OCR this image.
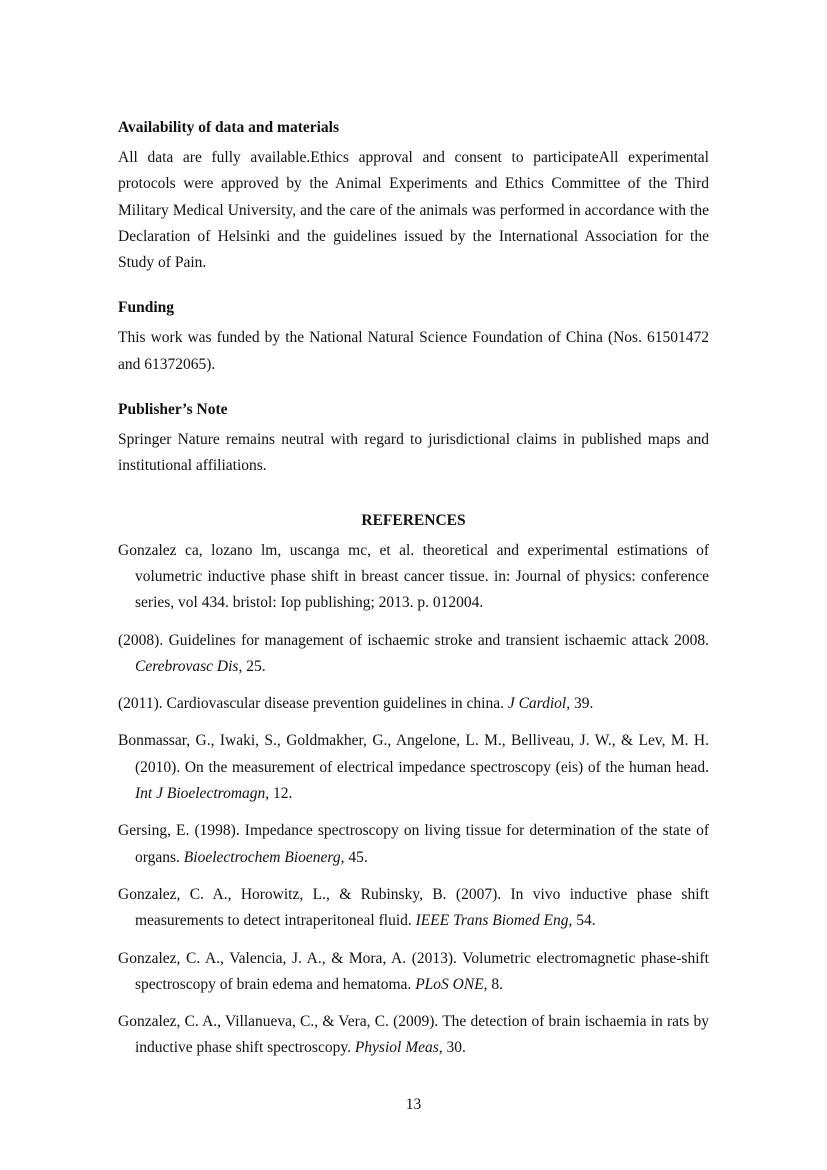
Availability of data and materials

All data are fully available.Ethics approval and consent to participateAll experimental protocols were approved by the Animal Experiments and Ethics Committee of the Third Military Medical University, and the care of the animals was performed in accordance with the Declaration of Helsinki and the guidelines issued by the International Association for the Study of Pain.

Funding

This work was funded by the National Natural Science Foundation of China (Nos. 61501472 and 61372065).

Publisher’s Note

Springer Nature remains neutral with regard to jurisdictional claims in published maps and institutional affiliations.

REFERENCES
Gonzalez ca, lozano lm, uscanga mc, et al. theoretical and experimental estimations of volumetric inductive phase shift in breast cancer tissue. in: Journal of physics: conference series, vol 434. bristol: Iop publishing; 2013. p. 012004.
(2008). Guidelines for management of ischaemic stroke and transient ischaemic attack 2008. Cerebrovasc Dis, 25.
(2011). Cardiovascular disease prevention guidelines in china. J Cardiol, 39.
Bonmassar, G., Iwaki, S., Goldmakher, G., Angelone, L. M., Belliveau, J. W., & Lev, M. H. (2010). On the measurement of electrical impedance spectroscopy (eis) of the human head. Int J Bioelectromagn, 12.
Gersing, E. (1998). Impedance spectroscopy on living tissue for determination of the state of organs. Bioelectrochem Bioenerg, 45.
Gonzalez, C. A., Horowitz, L., & Rubinsky, B. (2007). In vivo inductive phase shift measurements to detect intraperitoneal fluid. IEEE Trans Biomed Eng, 54.
Gonzalez, C. A., Valencia, J. A., & Mora, A. (2013). Volumetric electromagnetic phase-shift spectroscopy of brain edema and hematoma. PLoS ONE, 8.
Gonzalez, C. A., Villanueva, C., & Vera, C. (2009). The detection of brain ischaemia in rats by inductive phase shift spectroscopy. Physiol Meas, 30.
13
